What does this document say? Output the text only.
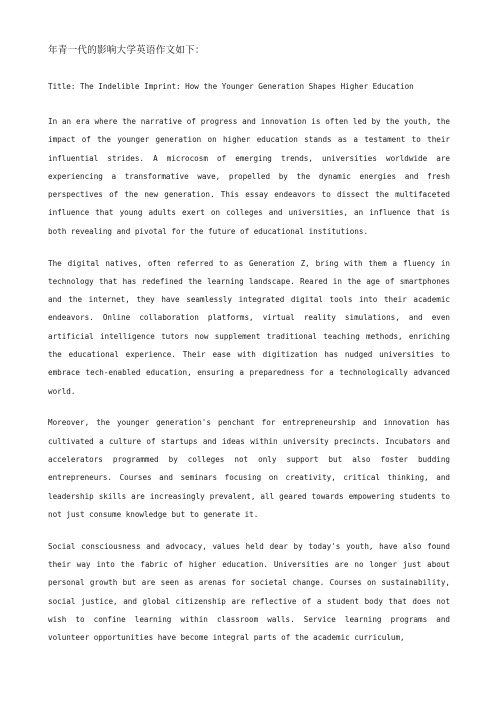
年青一代的影响大学英语作文如下：

Title: The Indelible Imprint: How the Younger Generation Shapes Higher Education

In an era where the narrative of progress and innovation is often led by the youth, the impact of the younger generation on higher education stands as a testament to their influential strides. A microcosm of emerging trends, universities worldwide are experiencing a transformative wave, propelled by the dynamic energies and fresh perspectives of the new generation. This essay endeavors to dissect the multifaceted influence that young adults exert on colleges and universities, an influence that is both revealing and pivotal for the future of educational institutions.

The digital natives, often referred to as Generation Z, bring with them a fluency in technology that has redefined the learning landscape. Reared in the age of smartphones and the internet, they have seamlessly integrated digital tools into their academic endeavors. Online collaboration platforms, virtual reality simulations, and even artificial intelligence tutors now supplement traditional teaching methods, enriching the educational experience. Their ease with digitization has nudged universities to embrace tech-enabled education, ensuring a preparedness for a technologically advanced world.

Moreover, the younger generation's penchant for entrepreneurship and innovation has cultivated a culture of startups and ideas within university precincts. Incubators and accelerators programmed by colleges not only support but also foster budding entrepreneurs. Courses and seminars focusing on creativity, critical thinking, and leadership skills are increasingly prevalent, all geared towards empowering students to not just consume knowledge but to generate it.

Social consciousness and advocacy, values held dear by today's youth, have also found their way into the fabric of higher education. Universities are no longer just about personal growth but are seen as arenas for societal change. Courses on sustainability, social justice, and global citizenship are reflective of a student body that does not wish to confine learning within classroom walls. Service learning programs and volunteer opportunities have become integral parts of the academic curriculum,
